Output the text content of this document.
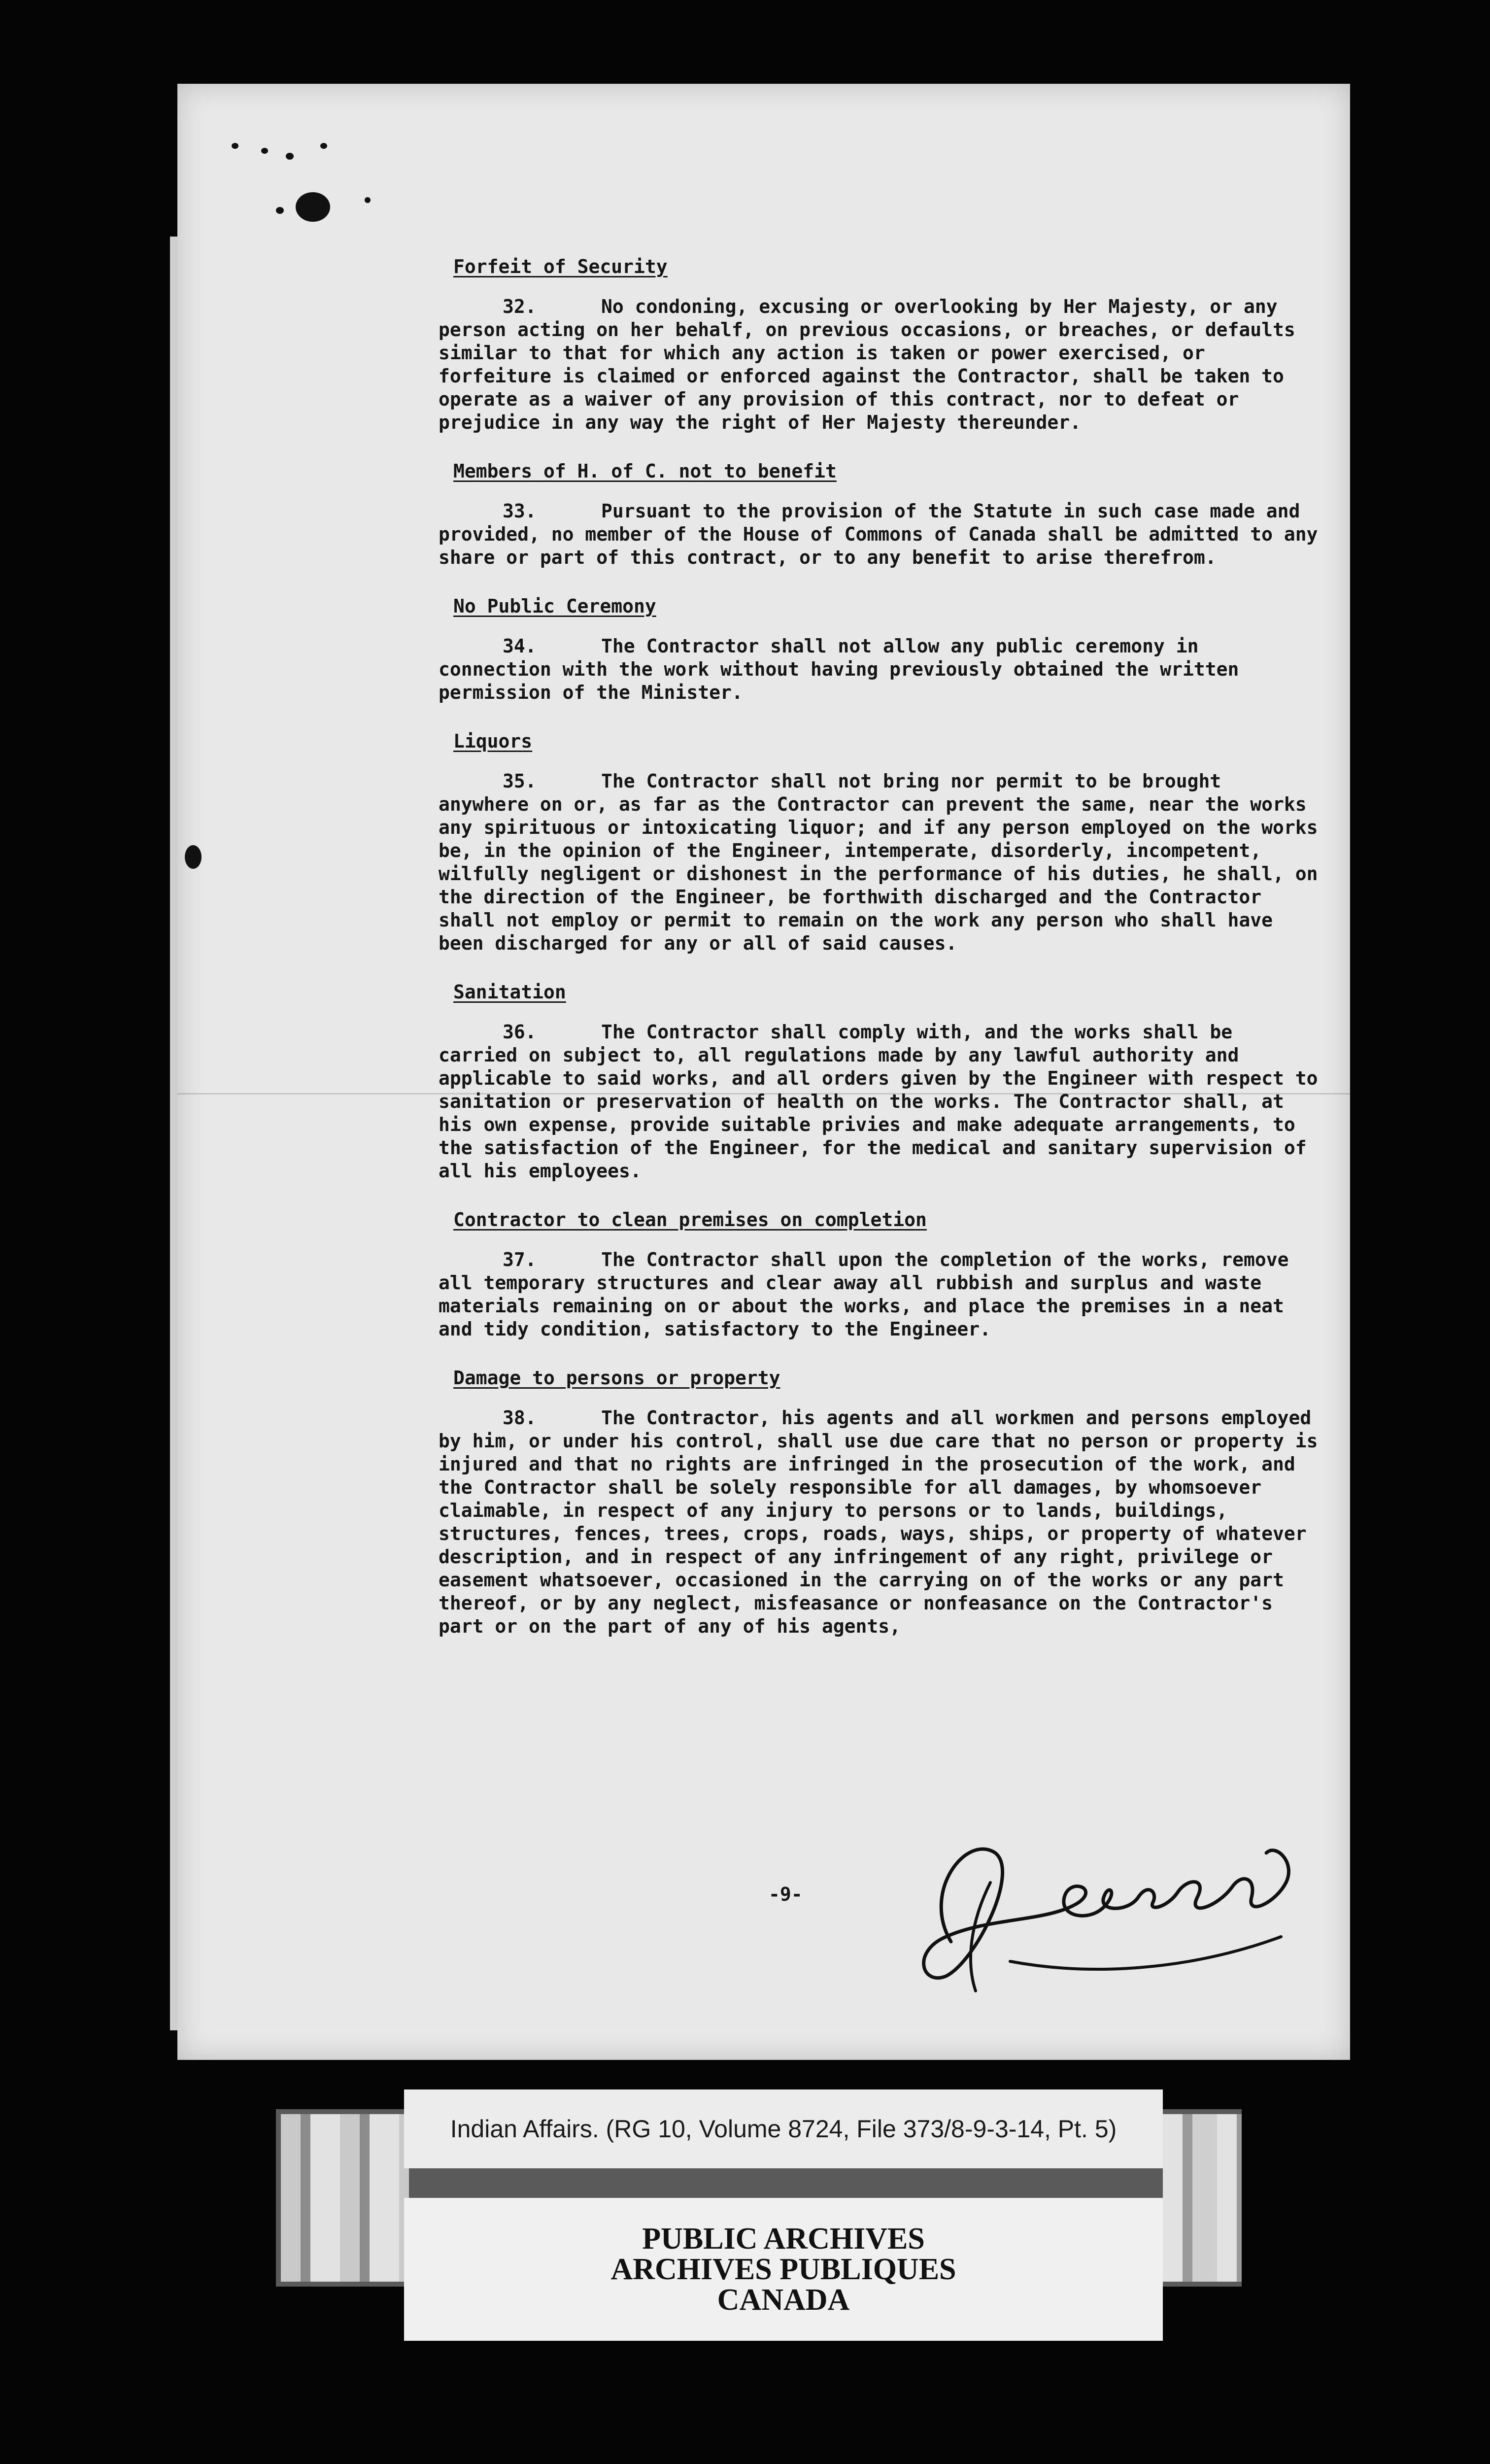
Forfeit of Security

32.	No condoning, excusing or overlooking by Her Majesty, or any person acting on her behalf, on previous occasions, or breaches, or defaults similar to that for which any action is taken or power exercised, or forfeiture is claimed or enforced against the Contractor, shall be taken to operate as a waiver of any provision of this contract, nor to defeat or prejudice in any way the right of Her Majesty thereunder.

Members of H. of C. not to benefit

33.	Pursuant to the provision of the Statute in such case made and provided, no member of the House of Commons of Canada shall be admitted to any share or part of this contract, or to any benefit to arise therefrom.

No Public Ceremony

34.	The Contractor shall not allow any public ceremony in connection with the work without having previously obtained the written permission of the Minister.

Liquors

35.	The Contractor shall not bring nor permit to be brought anywhere on or, as far as the Contractor can prevent the same, near the works any spirituous or intoxicating liquor; and if any person employed on the works be, in the opinion of the Engineer, intemperate, disorderly, incompetent, wilfully negligent or dishonest in the performance of his duties, he shall, on the direction of the Engineer, be forthwith discharged and the Contractor shall not employ or permit to remain on the work any person who shall have been discharged for any or all of said causes.

Sanitation

36.	The Contractor shall comply with, and the works shall be carried on subject to, all regulations made by any lawful authority and applicable to said works, and all orders given by the Engineer with respect to sanitation or preservation of health on the works. The Contractor shall, at his own expense, provide suitable privies and make adequate arrangements, to the satisfaction of the Engineer, for the medical and sanitary supervision of all his employees.

Contractor to clean premises on completion

37.	The Contractor shall upon the completion of the works, remove all temporary structures and clear away all rubbish and surplus and waste materials remaining on or about the works, and place the premises in a neat and tidy condition, satisfactory to the Engineer.

Damage to persons or property

38.	The Contractor, his agents and all workmen and persons employed by him, or under his control, shall use due care that no person or property is injured and that no rights are infringed in the prosecution of the work, and the Contractor shall be solely responsible for all damages, by whomsoever claimable, in respect of any injury to persons or to lands, buildings, structures, fences, trees, crops, roads, ways, ships, or property of whatever description, and in respect of any infringement of any right, privilege or easement whatsoever, occasioned in the carrying on of the works or any part thereof, or by any neglect, misfeasance or nonfeasance on the Contractor's part or on the part of any of his agents,

-9-
Indian Affairs. (RG 10, Volume 8724, File 373/8-9-3-14, Pt. 5)
PUBLIC ARCHIVES
ARCHIVES PUBLIQUES
CANADA
